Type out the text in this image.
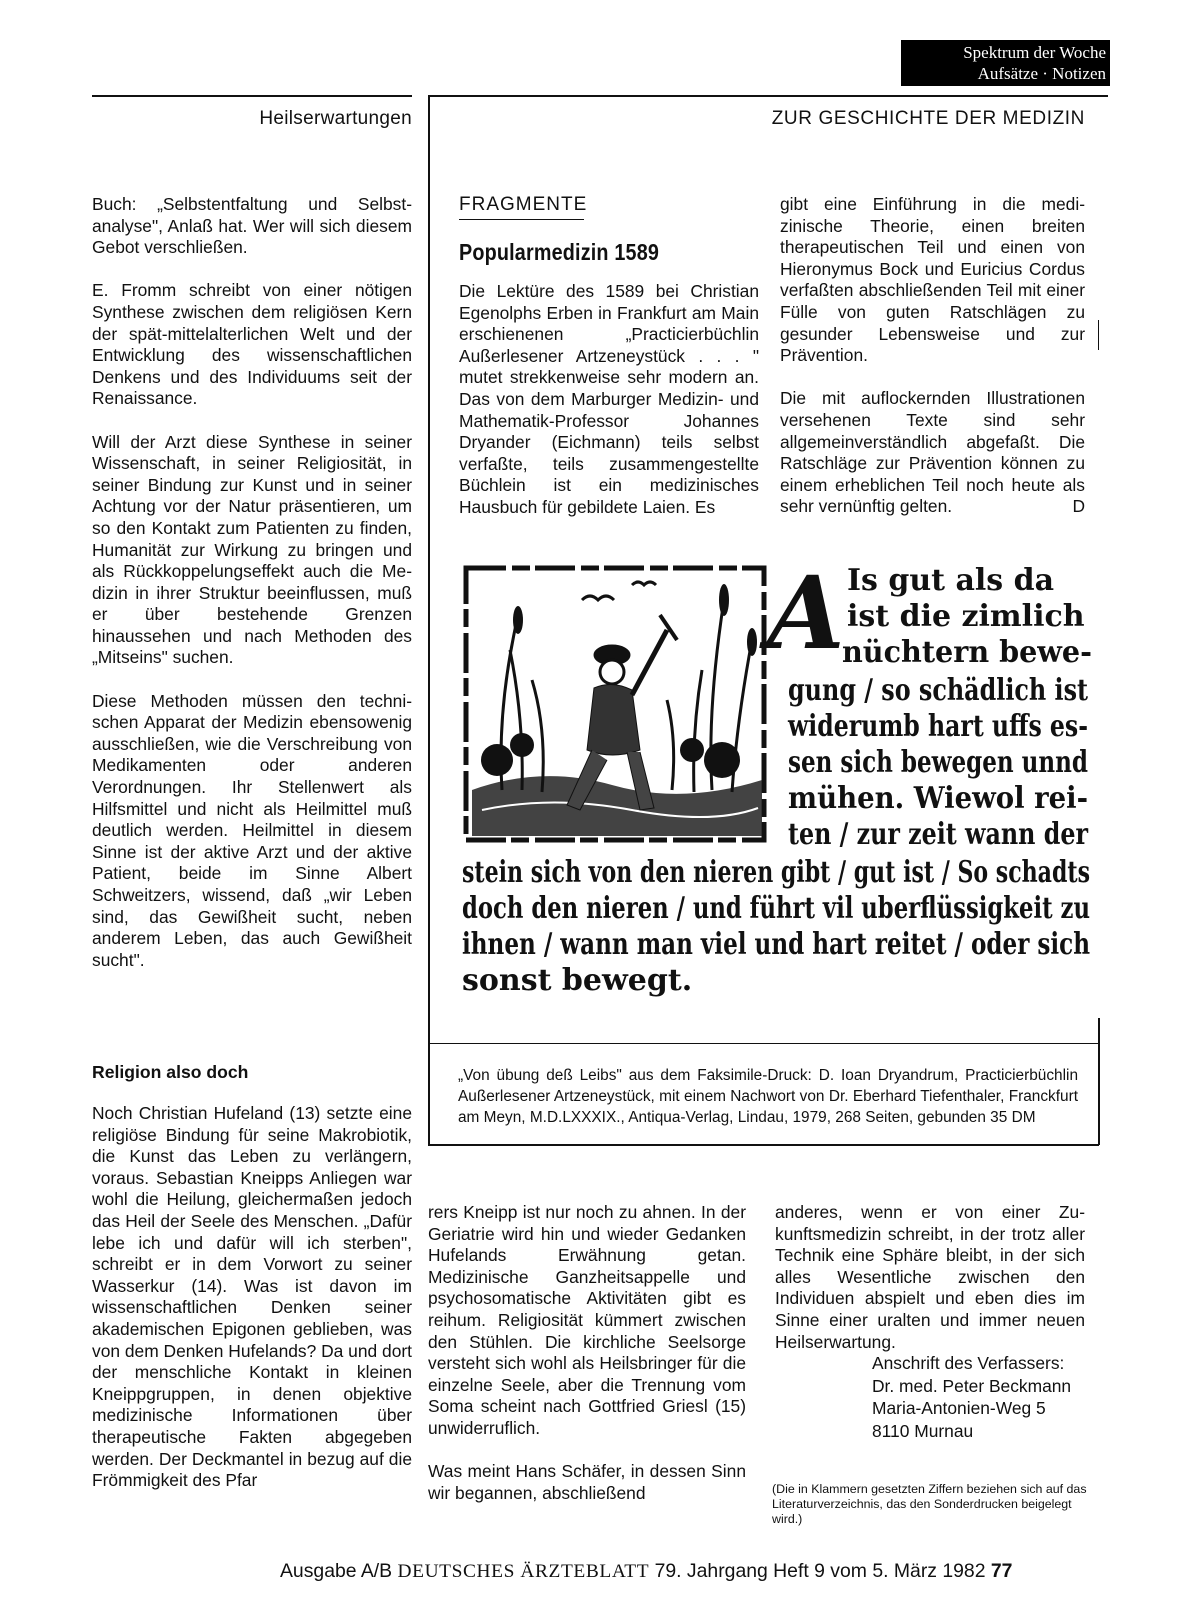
Spektrum der Woche
Aufsätze · Notizen
Heilserwartungen	ZUR GESCHICHTE DER MEDIZIN

Buch: „Selbstentfaltung und Selbstanalyse", Anlaß hat. Wer will sich diesem Gebot verschließen.

E. Fromm schreibt von einer nötigen Synthese zwischen dem religiösen Kern der spät-mittelalterlichen Welt und der Entwicklung des wissenschaftlichen Denkens und des Individuums seit der Renaissance.

Will der Arzt diese Synthese in seiner Wissenschaft, in seiner Religiosität, in seiner Bindung zur Kunst und in seiner Achtung vor der Natur präsentieren, um so den Kontakt zum Patienten zu finden, Humanität zur Wirkung zu bringen und als Rückkoppelungseffekt auch die Medizin in ihrer Struktur beeinflussen, muß er über bestehende Grenzen hinaussehen und nach Methoden des „Mitseins" suchen.

Diese Methoden müssen den technischen Apparat der Medizin ebensowenig ausschließen, wie die Verschreibung von Medikamenten oder anderen Verordnungen. Ihr Stellenwert als Hilfsmittel und nicht als Heilmittel muß deutlich werden. Heilmittel in diesem Sinne ist der aktive Arzt und der aktive Patient, beide im Sinne Albert Schweitzers, wissend, daß „wir Leben sind, das Gewißheit sucht, neben anderem Leben, das auch Gewißheit sucht".

Religion also doch

Noch Christian Hufeland (13) setzte eine religiöse Bindung für seine Makrobiotik, die Kunst das Leben zu verlängern, voraus. Sebastian Kneipps Anliegen war wohl die Heilung, gleichermaßen jedoch das Heil der Seele des Menschen. „Dafür lebe ich und dafür will ich sterben", schreibt er in dem Vorwort zu seiner Wasserkur (14). Was ist davon im wissenschaftlichen Denken seiner akademischen Epigonen geblieben, was von dem Denken Hufelands? Da und dort der menschliche Kontakt in kleinen Kneippgruppen, in denen objektive medizinische Informationen über therapeutische Fakten abgegeben werden. Der Deckmantel in bezug auf die Frömmigkeit des Pfar

FRAGMENTE
Popularmedizin 1589

Die Lektüre des 1589 bei Christian Egenolphs Erben in Frankfurt am Main erschienenen „Practicierbüchlin Außerlesener Artzeneystück . . . " mutet strekkenweise sehr modern an. Das von dem Marburger Medizin- und Mathematik-Professor Johannes Dryander (Eichmann) teils selbst verfaßte, teils zusammengestellte Büchlein ist ein medizinisches Hausbuch für gebildete Laien. Es

gibt eine Einführung in die medizinische Theorie, einen breiten therapeutischen Teil und einen von Hieronymus Bock und Euricius Cordus verfaßten abschließenden Teil mit einer Fülle von guten Ratschlägen zu gesunder Lebensweise und zur Prävention.

Die mit auflockernden Illustrationen versehenen Texte sind sehr allgemeinverständlich abgefaßt. Die Ratschläge zur Prävention können zu einem erheblichen Teil noch heute als sehr vernünftig gelten.	D

A Is gut als da
ist die zimlich
nüchtern bewe-
gung / so schädlich ist
widerumb hart uffs es-
sen sich bewegen unnd
mühen. Wiewol rei-
ten / zur zeit wann der
stein sich von den nieren gibt / gut ist / So schadts
doch den nieren / und führt vil uberflüssigkeit zu
ihnen / wann man viel und hart reitet / oder sich
sonst bewegt.
„Von übung deß Leibs" aus dem Faksimile-Druck: D. Ioan Dryandrum, Practicierbüchlin Außerlesener Artzeneystück, mit einem Nachwort von Dr. Eberhard Tiefenthaler, Franckfurt am Meyn, M.D.LXXXIX., Antiqua-Verlag, Lindau, 1979, 268 Seiten, gebunden 35 DM

rers Kneipp ist nur noch zu ahnen. In der Geriatrie wird hin und wieder Gedanken Hufelands Erwähnung getan. Medizinische Ganzheitsappelle und psychosomatische Aktivitäten gibt es reihum. Religiosität kümmert zwischen den Stühlen. Die kirchliche Seelsorge versteht sich wohl als Heilsbringer für die einzelne Seele, aber die Trennung vom Soma scheint nach Gottfried Griesl (15) unwiderruflich.

Was meint Hans Schäfer, in dessen Sinn wir begannen, abschließend

anderes, wenn er von einer Zukunftsmedizin schreibt, in der trotz aller Technik eine Sphäre bleibt, in der sich alles Wesentliche zwischen den Individuen abspielt und eben dies im Sinne einer uralten und immer neuen Heilserwartung.

Anschrift des Verfassers:
Dr. med. Peter Beckmann
Maria-Antonien-Weg 5
8110 Murnau
(Die in Klammern gesetzten Ziffern beziehen sich auf das Literaturverzeichnis, das den Sonderdrucken beigelegt wird.)
Ausgabe A/B DEUTSCHES ÄRZTEBLATT 79. Jahrgang Heft 9 vom 5. März 1982 77
